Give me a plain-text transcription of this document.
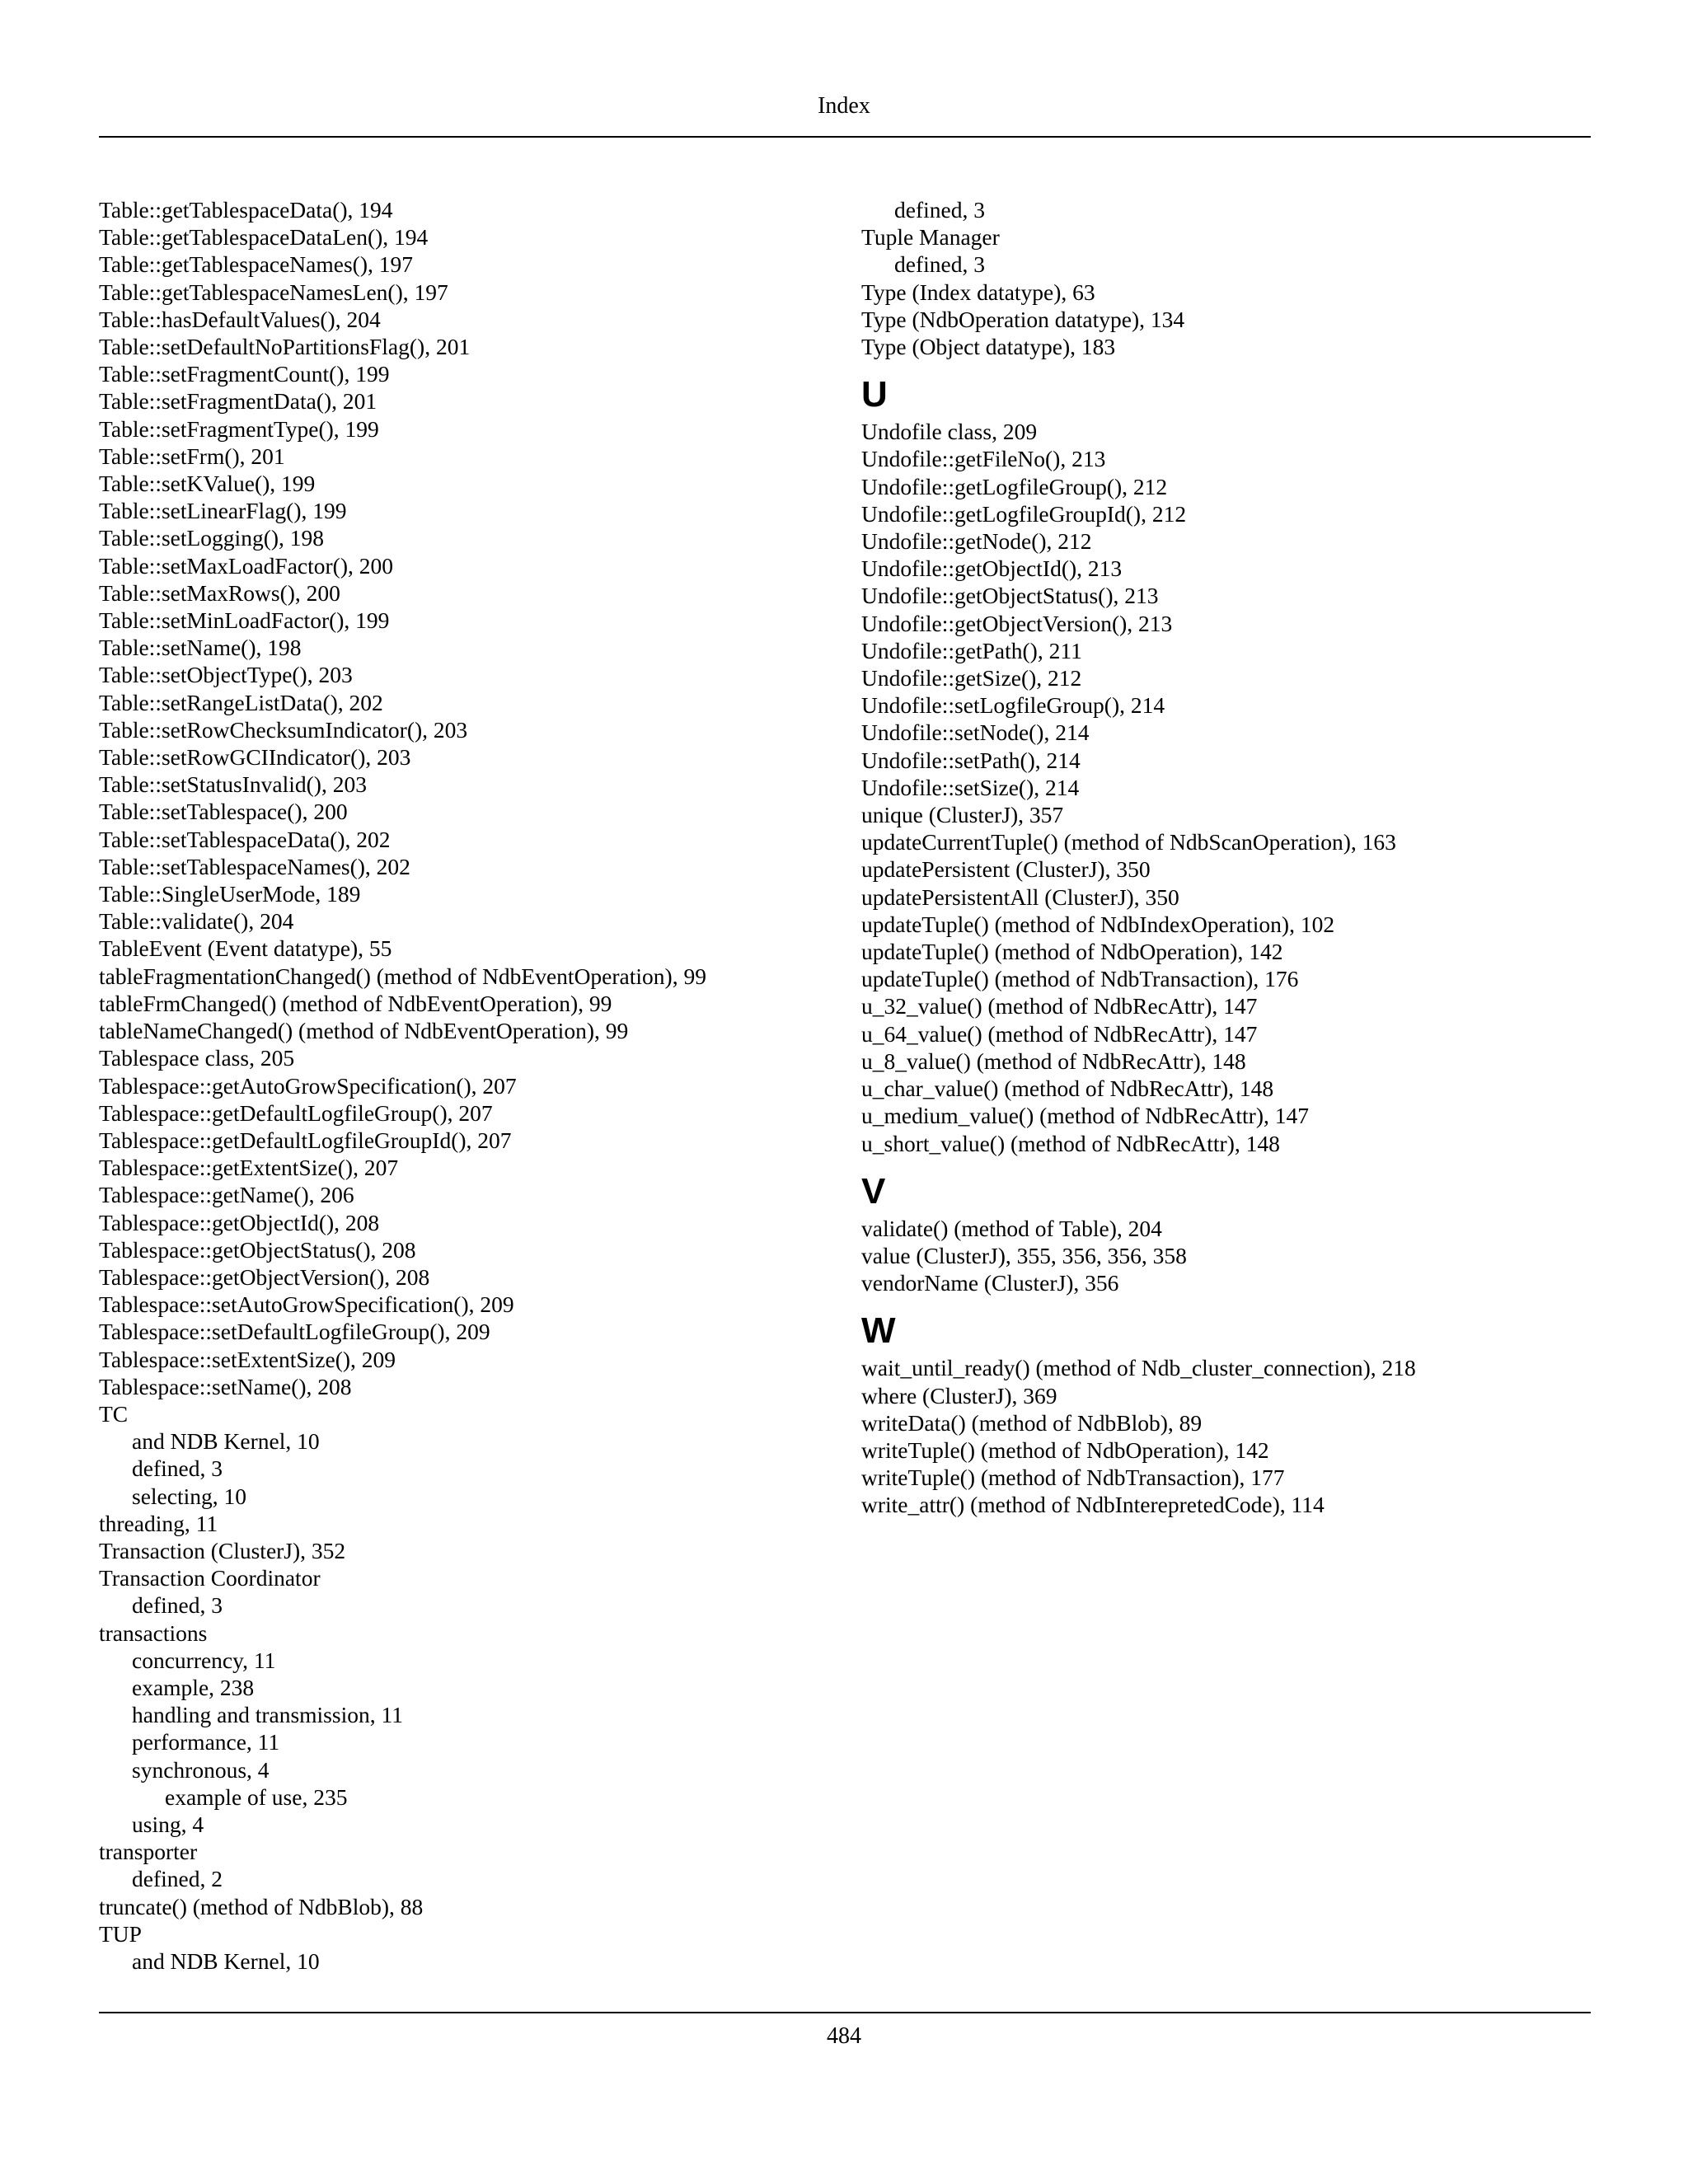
Index
Table::getTablespaceData(), 194
Table::getTablespaceDataLen(), 194
Table::getTablespaceNames(), 197
Table::getTablespaceNamesLen(), 197
Table::hasDefaultValues(), 204
Table::setDefaultNoPartitionsFlag(), 201
Table::setFragmentCount(), 199
Table::setFragmentData(), 201
Table::setFragmentType(), 199
Table::setFrm(), 201
Table::setKValue(), 199
Table::setLinearFlag(), 199
Table::setLogging(), 198
Table::setMaxLoadFactor(), 200
Table::setMaxRows(), 200
Table::setMinLoadFactor(), 199
Table::setName(), 198
Table::setObjectType(), 203
Table::setRangeListData(), 202
Table::setRowChecksumIndicator(), 203
Table::setRowGCIIndicator(), 203
Table::setStatusInvalid(), 203
Table::setTablespace(), 200
Table::setTablespaceData(), 202
Table::setTablespaceNames(), 202
Table::SingleUserMode, 189
Table::validate(), 204
TableEvent (Event datatype), 55
tableFragmentationChanged() (method of NdbEventOperation), 99
tableFrmChanged() (method of NdbEventOperation), 99
tableNameChanged() (method of NdbEventOperation), 99
Tablespace class, 205
Tablespace::getAutoGrowSpecification(), 207
Tablespace::getDefaultLogfileGroup(), 207
Tablespace::getDefaultLogfileGroupId(), 207
Tablespace::getExtentSize(), 207
Tablespace::getName(), 206
Tablespace::getObjectId(), 208
Tablespace::getObjectStatus(), 208
Tablespace::getObjectVersion(), 208
Tablespace::setAutoGrowSpecification(), 209
Tablespace::setDefaultLogfileGroup(), 209
Tablespace::setExtentSize(), 209
Tablespace::setName(), 208
TC
and NDB Kernel, 10
defined, 3
selecting, 10
threading, 11
Transaction (ClusterJ), 352
Transaction Coordinator
defined, 3
transactions
concurrency, 11
example, 238
handling and transmission, 11
performance, 11
synchronous, 4
example of use, 235
using, 4
transporter
defined, 2
truncate() (method of NdbBlob), 88
TUP
and NDB Kernel, 10
defined, 3
Tuple Manager
defined, 3
Type (Index datatype), 63
Type (NdbOperation datatype), 134
Type (Object datatype), 183
U
Undofile class, 209
Undofile::getFileNo(), 213
Undofile::getLogfileGroup(), 212
Undofile::getLogfileGroupId(), 212
Undofile::getNode(), 212
Undofile::getObjectId(), 213
Undofile::getObjectStatus(), 213
Undofile::getObjectVersion(), 213
Undofile::getPath(), 211
Undofile::getSize(), 212
Undofile::setLogfileGroup(), 214
Undofile::setNode(), 214
Undofile::setPath(), 214
Undofile::setSize(), 214
unique (ClusterJ), 357
updateCurrentTuple() (method of NdbScanOperation), 163
updatePersistent (ClusterJ), 350
updatePersistentAll (ClusterJ), 350
updateTuple() (method of NdbIndexOperation), 102
updateTuple() (method of NdbOperation), 142
updateTuple() (method of NdbTransaction), 176
u_32_value() (method of NdbRecAttr), 147
u_64_value() (method of NdbRecAttr), 147
u_8_value() (method of NdbRecAttr), 148
u_char_value() (method of NdbRecAttr), 148
u_medium_value() (method of NdbRecAttr), 147
u_short_value() (method of NdbRecAttr), 148
V
validate() (method of Table), 204
value (ClusterJ), 355, 356, 356, 358
vendorName (ClusterJ), 356
W
wait_until_ready() (method of Ndb_cluster_connection), 218
where (ClusterJ), 369
writeData() (method of NdbBlob), 89
writeTuple() (method of NdbOperation), 142
writeTuple() (method of NdbTransaction), 177
write_attr() (method of NdbInterepretedCode), 114
484
